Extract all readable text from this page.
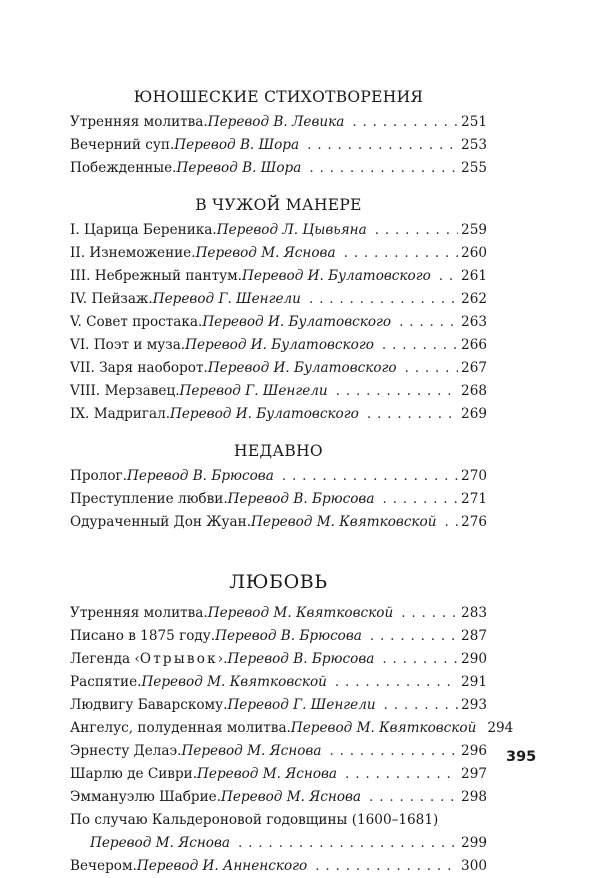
ЮНОШЕСКИЕ СТИХОТВОРЕНИЯ
Утренняя молитва. Перевод В. Левика . . .	251
Вечерний суп. Перевод В. Шора . . .	253
Побежденные. Перевод В. Шора . . .	255
В ЧУЖОЙ МАНЕРЕ
I. Царица Береника. Перевод Л. Цывьяна . . .	259
II. Изнеможение. Перевод М. Яснова . . .	260
III. Небрежный пантум. Перевод И. Булатовского . . . 261
IV. Пейзаж. Перевод Г. Шенгели . . .	262
V. Совет простака. Перевод И. Булатовского . . .	263
VI. Поэт и муза. Перевод И. Булатовского . . .	266
VII. Заря наоборот. Перевод И. Булатовского . . .	267
VIII. Мерзавец. Перевод Г. Шенгели . . .	268
IX. Мадригал. Перевод И. Булатовского . . .	269
НЕДАВНО
Пролог. Перевод В. Брюсова . . .	270
Преступление любви. Перевод В. Брюсова . . .	271
Одураченный Дон Жуан. Перевод М. Квятковской . . . 276
ЛЮБОВЬ
Утренняя молитва. Перевод М. Квятковской . . .	283
Писано в 1875 году. Перевод В. Брюсова . . .	287
Легенда ‹Отрывок›. Перевод В. Брюсова . . .	290
Распятие. Перевод М. Квятковской . . .	291
Людвигу Баварскому. Перевод Г. Шенгели . . .	293
Ангелус, полуденная молитва. Перевод М. Квятковской 294
Эрнесту Делаэ. Перевод М. Яснова . . .	296
Шарлю де Сиври. Перевод М. Яснова . . .	297
Эммануэлю Шабрие. Перевод М. Яснова . . .	298
По случаю Кальдероновой годовщины (1600–1681)
Перевод М. Яснова . . .	299
Вечером. Перевод И. Анненского . . .	300
395
